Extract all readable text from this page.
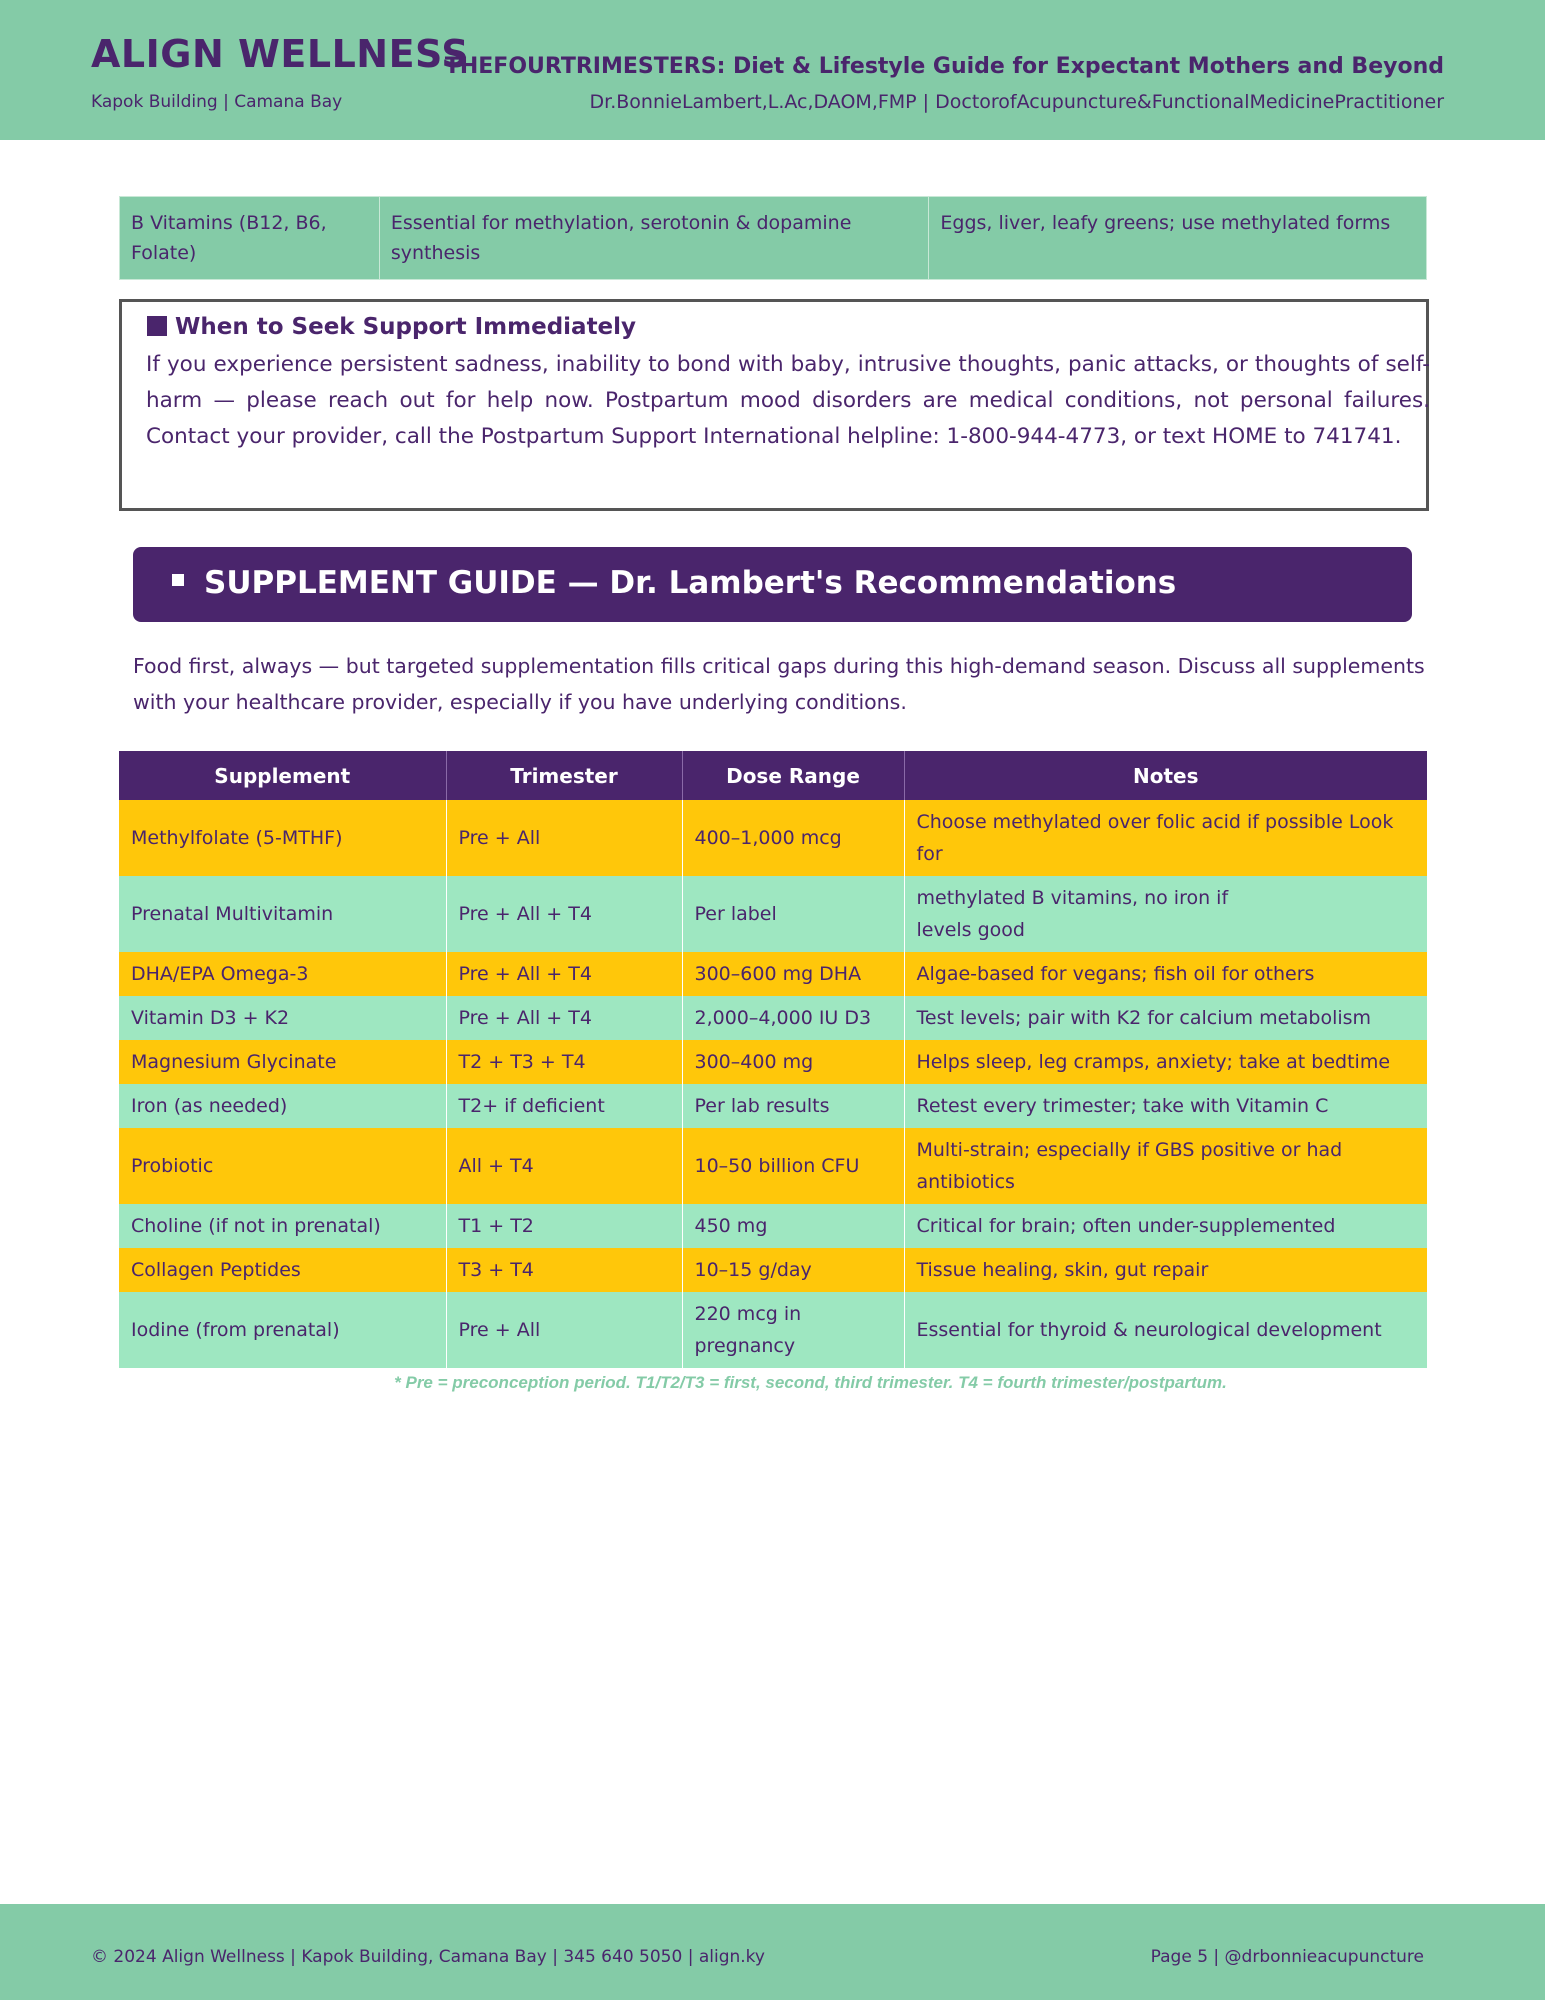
ALIGN WELLNESS
Kapok Building | Camana Bay
THEFOURTRIMESTERS: Diet & Lifestyle Guide for Expectant Mothers and Beyond
Dr.BonnieLambert,L.Ac,DAOM,FMP | DoctorofAcupuncture&FunctionalMedicinePractitioner
B Vitamins (B12, B6, Folate)	Essential for methylation, serotonin & dopamine synthesis	Eggs, liver, leafy greens; use methylated forms
When to Seek Support Immediately
If you experience persistent sadness, inability to bond with baby, intrusive thoughts, panic attacks, or thoughts of self-harm — please reach out for help now. Postpartum mood disorders are medical conditions, not personal failures. Contact your provider, call the Postpartum Support International helpline: 1-800-944-4773, or text HOME to 741741.
SUPPLEMENT GUIDE — Dr. Lambert's Recommendations
Food first, always — but targeted supplementation fills critical gaps during this high-demand season. Discuss all supplements with your healthcare provider, especially if you have underlying conditions.
Supplement	Trimester	Dose Range	Notes
Methylfolate (5-MTHF)	Pre + All	400–1,000 mcg	Choose methylated over folic acid if possible Look for
Prenatal Multivitamin	Pre + All + T4	Per label	methylated B vitamins, no iron if levels good
DHA/EPA Omega-3	Pre + All + T4	300–600 mg DHA	Algae-based for vegans; fish oil for others
Vitamin D3 + K2	Pre + All + T4	2,000–4,000 IU D3	Test levels; pair with K2 for calcium metabolism
Magnesium Glycinate	T2 + T3 + T4	300–400 mg	Helps sleep, leg cramps, anxiety; take at bedtime
Iron (as needed)	T2+ if deficient	Per lab results	Retest every trimester; take with Vitamin C
Probiotic	All + T4	10–50 billion CFU	Multi-strain; especially if GBS positive or had antibiotics
Choline (if not in prenatal)	T1 + T2	450 mg	Critical for brain; often under-supplemented
Collagen Peptides	T3 + T4	10–15 g/day	Tissue healing, skin, gut repair
Iodine (from prenatal)	Pre + All	220 mcg in pregnancy	Essential for thyroid & neurological development
* Pre = preconception period. T1/T2/T3 = first, second, third trimester. T4 = fourth trimester/postpartum.
© 2024 Align Wellness | Kapok Building, Camana Bay | 345 640 5050 | align.ky	Page 5 | @drbonnieacupuncture
